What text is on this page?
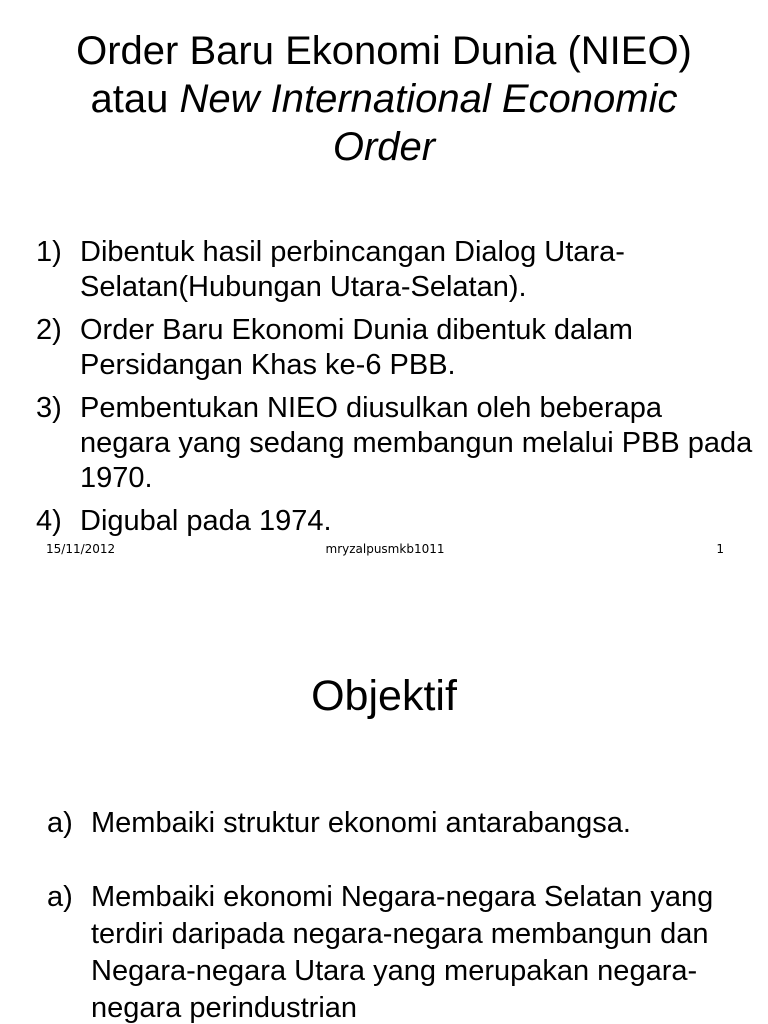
Order Baru Ekonomi Dunia (NIEO) atau New International Economic Order
1) Dibentuk hasil perbincangan Dialog Utara-Selatan(Hubungan Utara-Selatan).
2) Order Baru Ekonomi Dunia dibentuk dalam Persidangan Khas ke-6 PBB.
3) Pembentukan NIEO diusulkan oleh beberapa negara yang sedang membangun melalui PBB pada 1970.
4) Digubal pada 1974.
15/11/2012	mryzalpusmkb1011	1
Objektif
a) Membaiki struktur ekonomi antarabangsa.
a) Membaiki ekonomi Negara-negara Selatan yang terdiri daripada negara-negara membangun dan Negara-negara Utara yang merupakan negara-negara perindustrian
